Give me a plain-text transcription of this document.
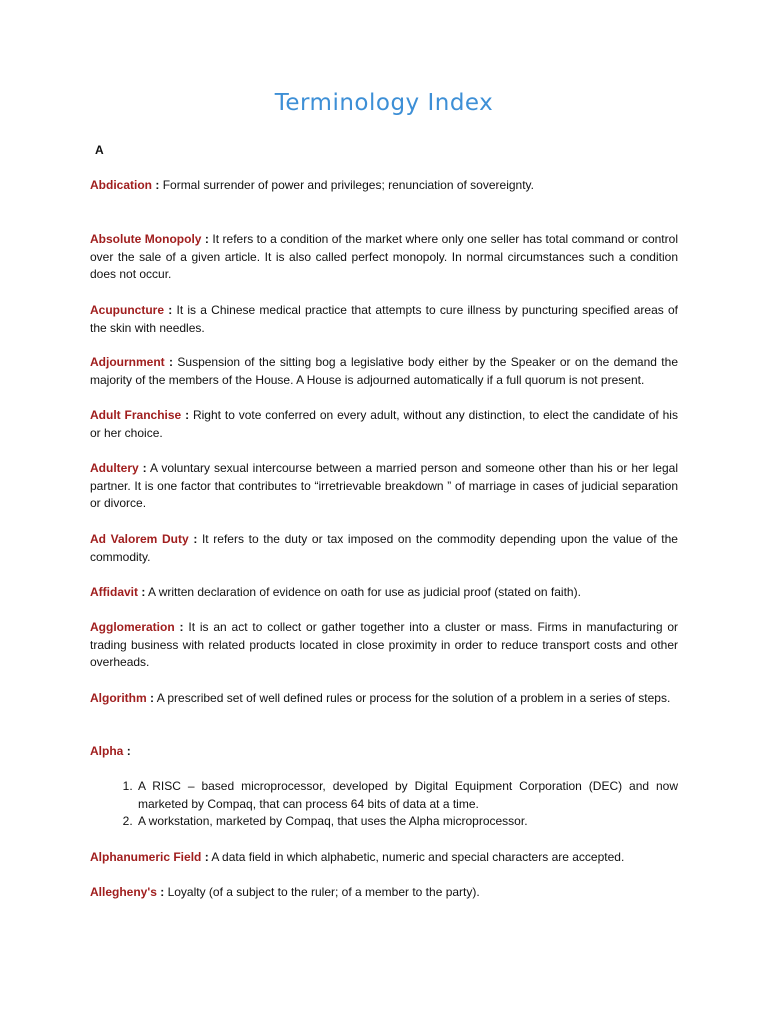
Terminology Index
A

Abdication : Formal surrender of power and privileges; renunciation of sovereignty.

Absolute Monopoly : It refers to a condition of the market where only one seller has total command or control over the sale of a given article. It is also called perfect monopoly. In normal circumstances such a condition does not occur.

Acupuncture : It is a Chinese medical practice that attempts to cure illness by puncturing specified areas of the skin with needles.

Adjournment : Suspension of the sitting bog a legislative body either by the Speaker or on the demand the majority of the members of the House. A House is adjourned automatically if a full quorum is not present.

Adult Franchise : Right to vote conferred on every adult, without any distinction, to elect the candidate of his or her choice.

Adultery : A voluntary sexual intercourse between a married person and someone other than his or her legal partner. It is one factor that contributes to “irretrievable breakdown ” of marriage in cases of judicial separation or divorce.

Ad Valorem Duty : It refers to the duty or tax imposed on the commodity depending upon the value of the commodity.

Affidavit : A written declaration of evidence on oath for use as judicial proof (stated on faith).

Agglomeration : It is an act to collect or gather together into a cluster or mass. Firms in manufacturing or trading business with related products located in close proximity in order to reduce transport costs and other overheads.

Algorithm : A prescribed set of well defined rules or process for the solution of a problem in a series of steps.

Alpha :

1. A RISC – based microprocessor, developed by Digital Equipment Corporation (DEC) and now marketed by Compaq, that can process 64 bits of data at a time.
2. A workstation, marketed by Compaq, that uses the Alpha microprocessor.

Alphanumeric Field : A data field in which alphabetic, numeric and special characters are accepted.

Allegheny's : Loyalty (of a subject to the ruler; of a member to the party).
